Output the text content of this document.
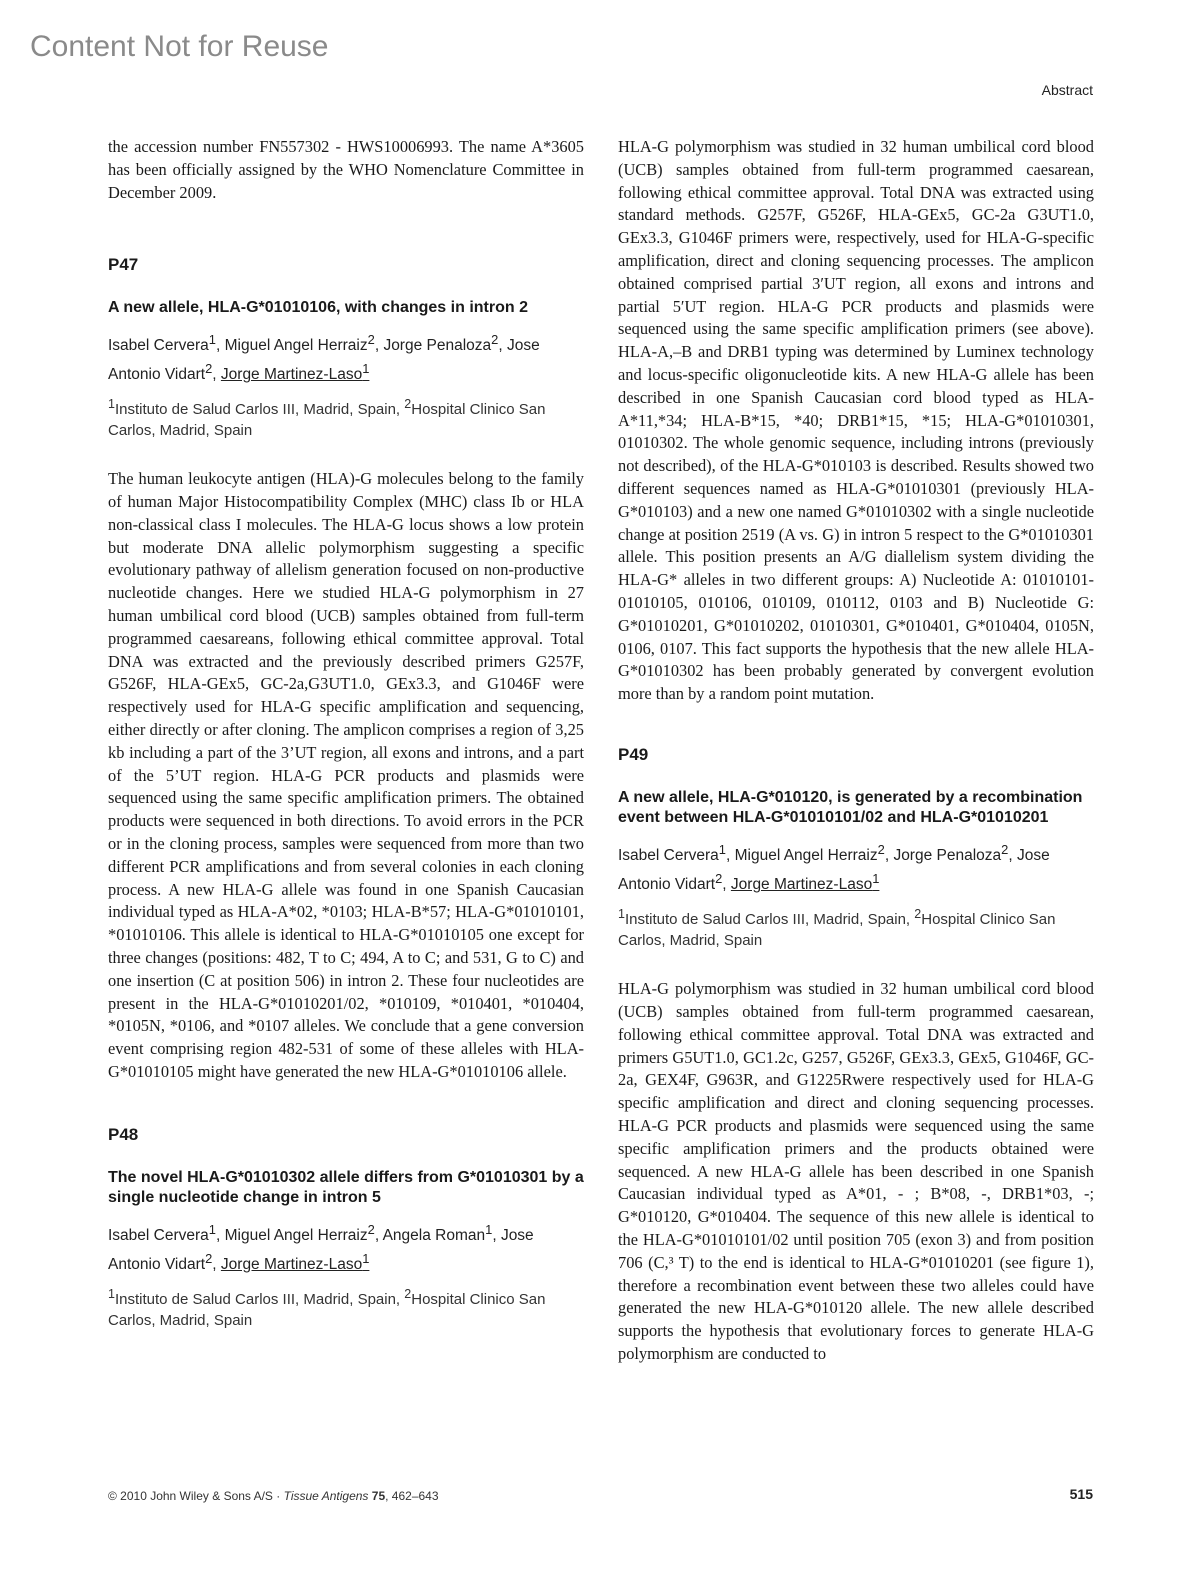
Content Not for Reuse
Abstract

the accession number FN557302 - HWS10006993. The name A*3605 has been officially assigned by the WHO Nomenclature Committee in December 2009.

P47
A new allele, HLA-G*01010106, with changes in intron 2

Isabel Cervera$^1$, Miguel Angel Herraiz$^2$, Jorge Penaloza$^2$, Jose Antonio Vidart$^2$, Jorge Martinez-Laso$^1$

$^1$Instituto de Salud Carlos III, Madrid, Spain, $^2$Hospital Clinico San Carlos, Madrid, Spain

The human leukocyte antigen (HLA)-G molecules belong to the family of human Major Histocompatibility Complex (MHC) class Ib or HLA non-classical class I molecules. The HLA-G locus shows a low protein but moderate DNA allelic polymorphism suggesting a specific evolutionary pathway of allelism generation focused on non-productive nucleotide changes. Here we studied HLA-G polymorphism in 27 human umbilical cord blood (UCB) samples obtained from full-term programmed caesareans, following ethical committee approval. Total DNA was extracted and the previously described primers G257F, G526F, HLA-GEx5, GC-2a,G3UT1.0, GEx3.3, and G1046F were respectively used for HLA-G specific amplification and sequencing, either directly or after cloning. The amplicon comprises a region of 3,25 kb including a part of the 3’UT region, all exons and introns, and a part of the 5’UT region. HLA-G PCR products and plasmids were sequenced using the same specific amplification primers. The obtained products were sequenced in both directions. To avoid errors in the PCR or in the cloning process, samples were sequenced from more than two different PCR amplifications and from several colonies in each cloning process. A new HLA-G allele was found in one Spanish Caucasian individual typed as HLA-A*02, *0103; HLA-B*57; HLA-G*01010101, *01010106. This allele is identical to HLA-G*01010105 one except for three changes (positions: 482, T to C; 494, A to C; and 531, G to C) and one insertion (C at position 506) in intron 2. These four nucleotides are present in the HLA-G*01010201/02, *010109, *010401, *010404, *0105N, *0106, and *0107 alleles. We conclude that a gene conversion event comprising region 482-531 of some of these alleles with HLA-G*01010105 might have generated the new HLA-G*01010106 allele.

P48
The novel HLA-G*01010302 allele differs from G*01010301 by a single nucleotide change in intron 5

Isabel Cervera$^1$, Miguel Angel Herraiz$^2$, Angela Roman$^1$, Jose Antonio Vidart$^2$, Jorge Martinez-Laso$^1$

$^1$Instituto de Salud Carlos III, Madrid, Spain, $^2$Hospital Clinico San Carlos, Madrid, Spain

HLA-G polymorphism was studied in 32 human umbilical cord blood (UCB) samples obtained from full-term programmed caesarean, following ethical committee approval. Total DNA was extracted using standard methods. G257F, G526F, HLA-GEx5, GC-2a G3UT1.0, GEx3.3, G1046F primers were, respectively, used for HLA-G-specific amplification, direct and cloning sequencing processes. The amplicon obtained comprised partial 3′UT region, all exons and introns and partial 5′UT region. HLA-G PCR products and plasmids were sequenced using the same specific amplification primers (see above). HLA-A,–B and DRB1 typing was determined by Luminex technology and locus-specific oligonucleotide kits. A new HLA-G allele has been described in one Spanish Caucasian cord blood typed as HLA-A*11,*34; HLA-B*15, *40; DRB1*15, *15; HLA-G*01010301, 01010302. The whole genomic sequence, including introns (previously not described), of the HLA-G*010103 is described. Results showed two different sequences named as HLA-G*01010301 (previously HLA-G*010103) and a new one named G*01010302 with a single nucleotide change at position 2519 (A vs. G) in intron 5 respect to the G*01010301 allele. This position presents an A/G diallelism system dividing the HLA-G* alleles in two different groups: A) Nucleotide A: 01010101- 01010105, 010106, 010109, 010112, 0103 and B) Nucleotide G: G*01010201, G*01010202, 01010301, G*010401, G*010404, 0105N, 0106, 0107. This fact supports the hypothesis that the new allele HLA-G*01010302 has been probably generated by convergent evolution more than by a random point mutation.

P49
A new allele, HLA-G*010120, is generated by a recombination event between HLA-G*01010101/02 and HLA-G*01010201

Isabel Cervera$^1$, Miguel Angel Herraiz$^2$, Jorge Penaloza$^2$, Jose Antonio Vidart$^2$, Jorge Martinez-Laso$^1$

$^1$Instituto de Salud Carlos III, Madrid, Spain, $^2$Hospital Clinico San Carlos, Madrid, Spain

HLA-G polymorphism was studied in 32 human umbilical cord blood (UCB) samples obtained from full-term programmed caesarean, following ethical committee approval. Total DNA was extracted and primers G5UT1.0, GC1.2c, G257, G526F, GEx3.3, GEx5, G1046F, GC-2a, GEX4F, G963R, and G1225Rwere respectively used for HLA-G specific amplification and direct and cloning sequencing processes. HLA-G PCR products and plasmids were sequenced using the same specific amplification primers and the products obtained were sequenced. A new HLA-G allele has been described in one Spanish Caucasian individual typed as A*01, - ; B*08, -, DRB1*03, -; G*010120, G*010404. The sequence of this new allele is identical to the HLA-G*01010101/02 until position 705 (exon 3) and from position 706 (C,³ T) to the end is identical to HLA-G*01010201 (see figure 1), therefore a recombination event between these two alleles could have generated the new HLA-G*010120 allele. The new allele described supports the hypothesis that evolutionary forces to generate HLA-G polymorphism are conducted to

© 2010 John Wiley & Sons A/S · Tissue Antigens 75, 462–643	515
